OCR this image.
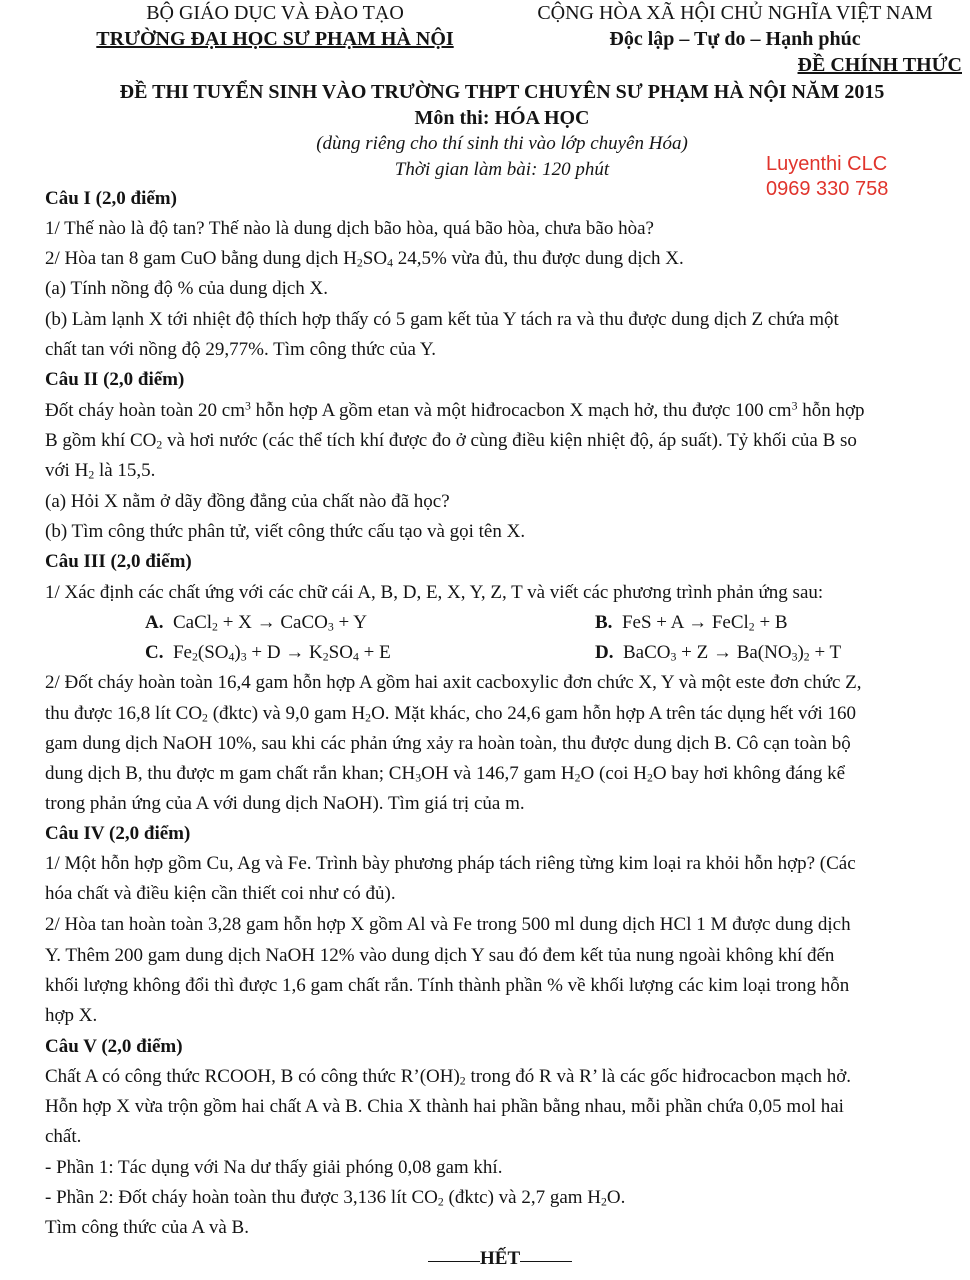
BỘ GIÁO DỤC VÀ ĐÀO TẠO
TRƯỜNG ĐẠI HỌC SƯ PHẠM HÀ NỘI
CỘNG HÒA XÃ HỘI CHỦ NGHĨA VIỆT NAM
Độc lập – Tự do – Hạnh phúc
ĐỀ CHÍNH THỨC
ĐỀ THI TUYỂN SINH VÀO TRƯỜNG THPT CHUYÊN SƯ PHẠM HÀ NỘI NĂM 2015
Môn thi: HÓA HỌC
(dùng riêng cho thí sinh thi vào lớp chuyên Hóa)
Thời gian làm bài: 120 phút	Luyenthi CLC
0969 330 758
Câu I (2,0 điểm)
1/ Thế nào là độ tan? Thế nào là dung dịch bão hòa, quá bão hòa, chưa bão hòa?
2/ Hòa tan 8 gam CuO bằng dung dịch $H_2SO_4$ 24,5% vừa đủ, thu được dung dịch X.
(a) Tính nồng độ % của dung dịch X.
(b) Làm lạnh X tới nhiệt độ thích hợp thấy có 5 gam kết tủa Y tách ra và thu được dung dịch Z chứa một
chất tan với nồng độ 29,77%. Tìm công thức của Y.
Câu II (2,0 điểm)
Đốt cháy hoàn toàn 20 $cm^3$ hỗn hợp A gồm etan và một hiđrocacbon X mạch hở, thu được 100 $cm^3$ hỗn hợp
B gồm khí $CO_2$ và hơi nước (các thể tích khí được đo ở cùng điều kiện nhiệt độ, áp suất). Tỷ khối của B so
với $H_2$ là 15,5.
(a) Hỏi X nằm ở dãy đồng đẳng của chất nào đã học?
(b) Tìm công thức phân tử, viết công thức cấu tạo và gọi tên X.
Câu III (2,0 điểm)
1/ Xác định các chất ứng với các chữ cái A, B, D, E, X, Y, Z, T và viết các phương trình phản ứng sau:
A.  CaCl$_2$ + X → CaCO$_3$ + Y	B.  FeS + A → FeCl$_2$ + B
C.  $Fe_2(SO_4)_3 + D \to K_2SO_4 + E$	D.  BaCO$_3$ + $Z \to Ba(NO_3)_2 + T$
2/ Đốt cháy hoàn toàn 16,4 gam hỗn hợp A gồm hai axit cacboxylic đơn chức X, Y và một este đơn chức Z,
thu được 16,8 lít $CO_2$ (đktc) và 9,0 gam $H_2O$. Mặt khác, cho 24,6 gam hỗn hợp A trên tác dụng hết với 160
gam dung dịch NaOH 10%, sau khi các phản ứng xảy ra hoàn toàn, thu được dung dịch B. Cô cạn toàn bộ
dung dịch B, thu được m gam chất rắn khan; $CH_3OH$ và 146,7 gam $H_2O$ (coi $H_2O$ bay hơi không đáng kể
trong phản ứng của A với dung dịch NaOH). Tìm giá trị của m.
Câu IV (2,0 điểm)
1/ Một hỗn hợp gồm Cu, Ag và Fe. Trình bày phương pháp tách riêng từng kim loại ra khỏi hỗn hợp? (Các
hóa chất và điều kiện cần thiết coi như có đủ).
2/ Hòa tan hoàn toàn 3,28 gam hỗn hợp X gồm Al và Fe trong 500 ml dung dịch HCl 1 M được dung dịch
Y. Thêm 200 gam dung dịch NaOH 12% vào dung dịch Y sau đó đem kết tủa nung ngoài không khí đến
khối lượng không đổi thì được 1,6 gam chất rắn. Tính thành phần % về khối lượng các kim loại trong hỗn
hợp X.
Câu V (2,0 điểm)
Chất A có công thức RCOOH, B có công thức $R’(OH)_2$ trong đó R và R’ là các gốc hiđrocacbon mạch hở.
Hỗn hợp X vừa trộn gồm hai chất A và B. Chia X thành hai phần bằng nhau, mỗi phần chứa 0,05 mol hai
chất.
- Phần 1: Tác dụng với Na dư thấy giải phóng 0,08 gam khí.
- Phần 2: Đốt cháy hoàn toàn thu được 3,136 lít $CO_2$ (đktc) và 2,7 gam $H_2O$.
Tìm công thức của A và B.
HẾT
